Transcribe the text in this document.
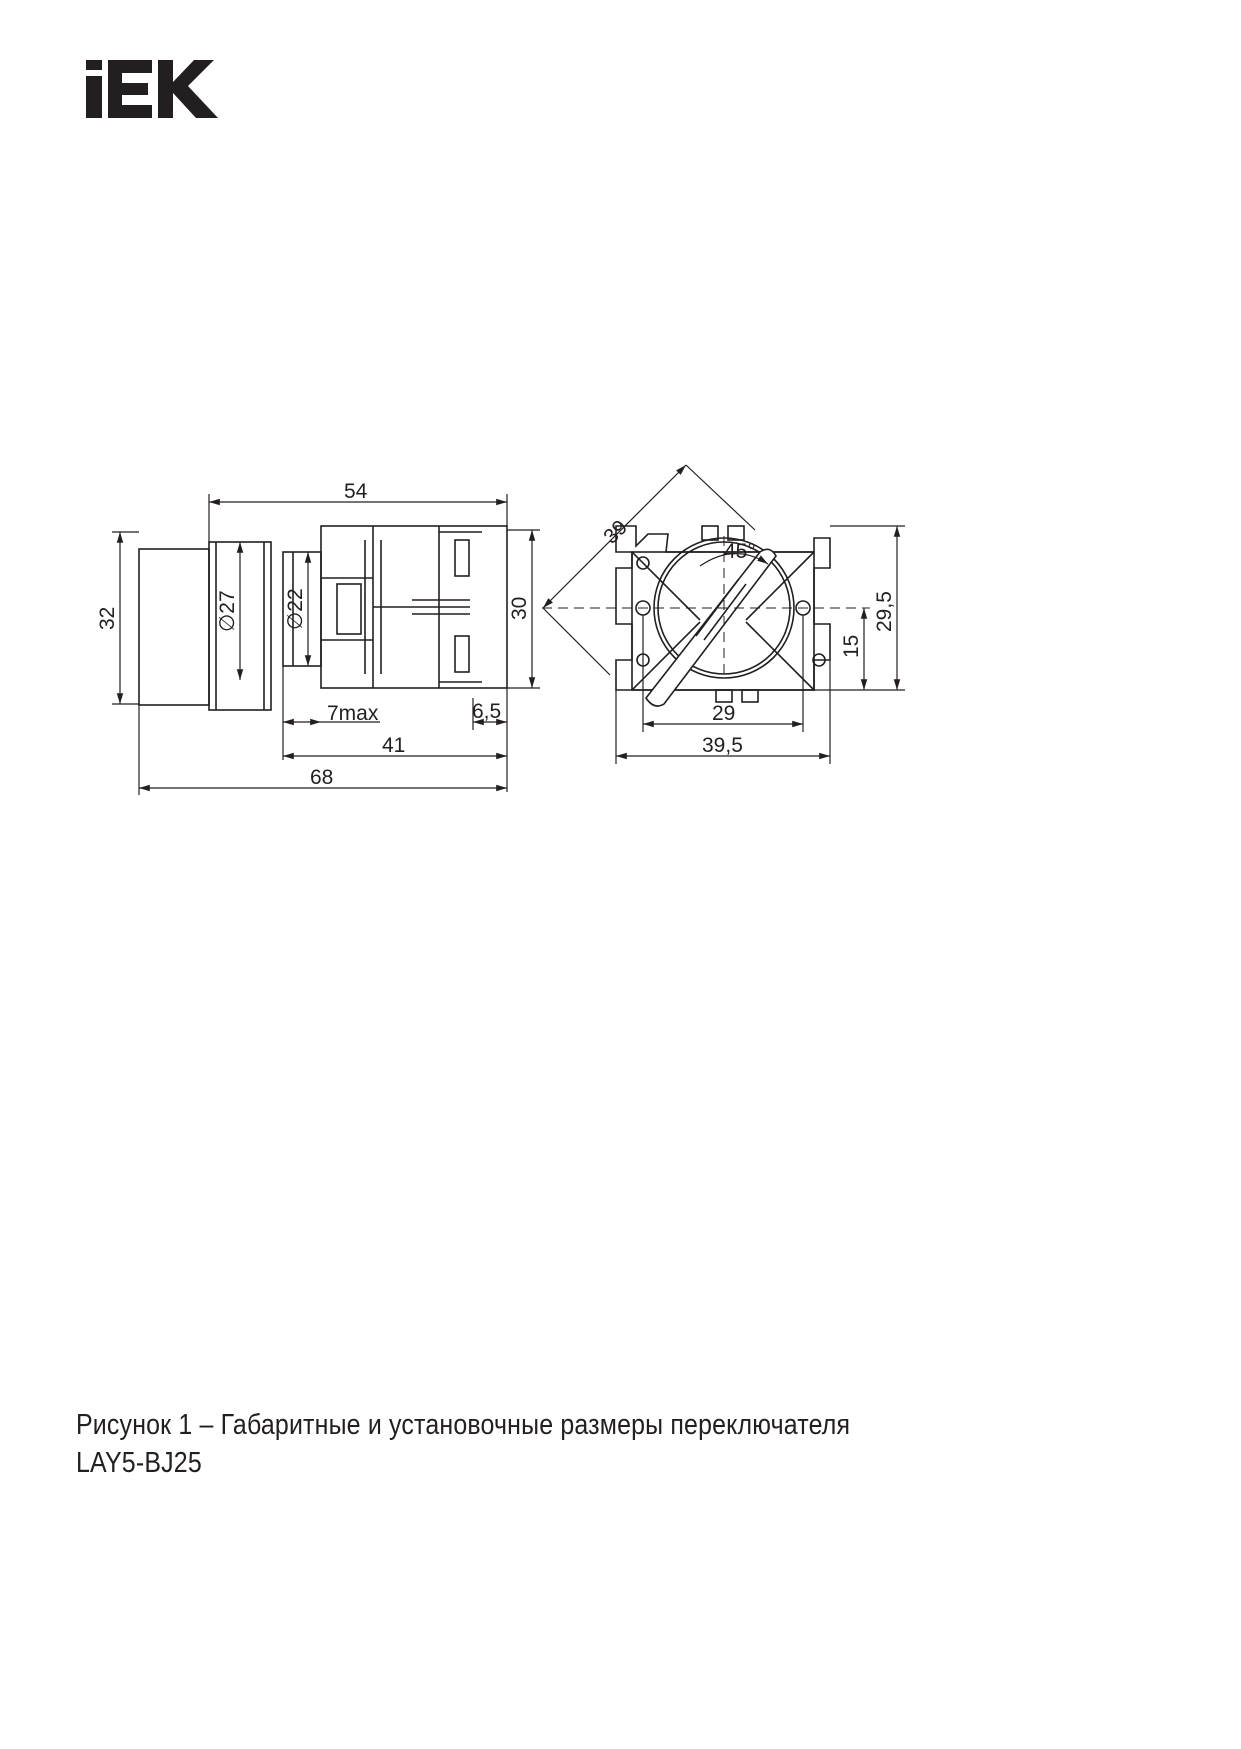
54
32	∅27 ∅22	30
7max	6,5
41
68
39
45°
29,5
15
29
39,5
Рисунок 1 – Габаритные и установочные размеры переключателя
LAY5-BJ25
